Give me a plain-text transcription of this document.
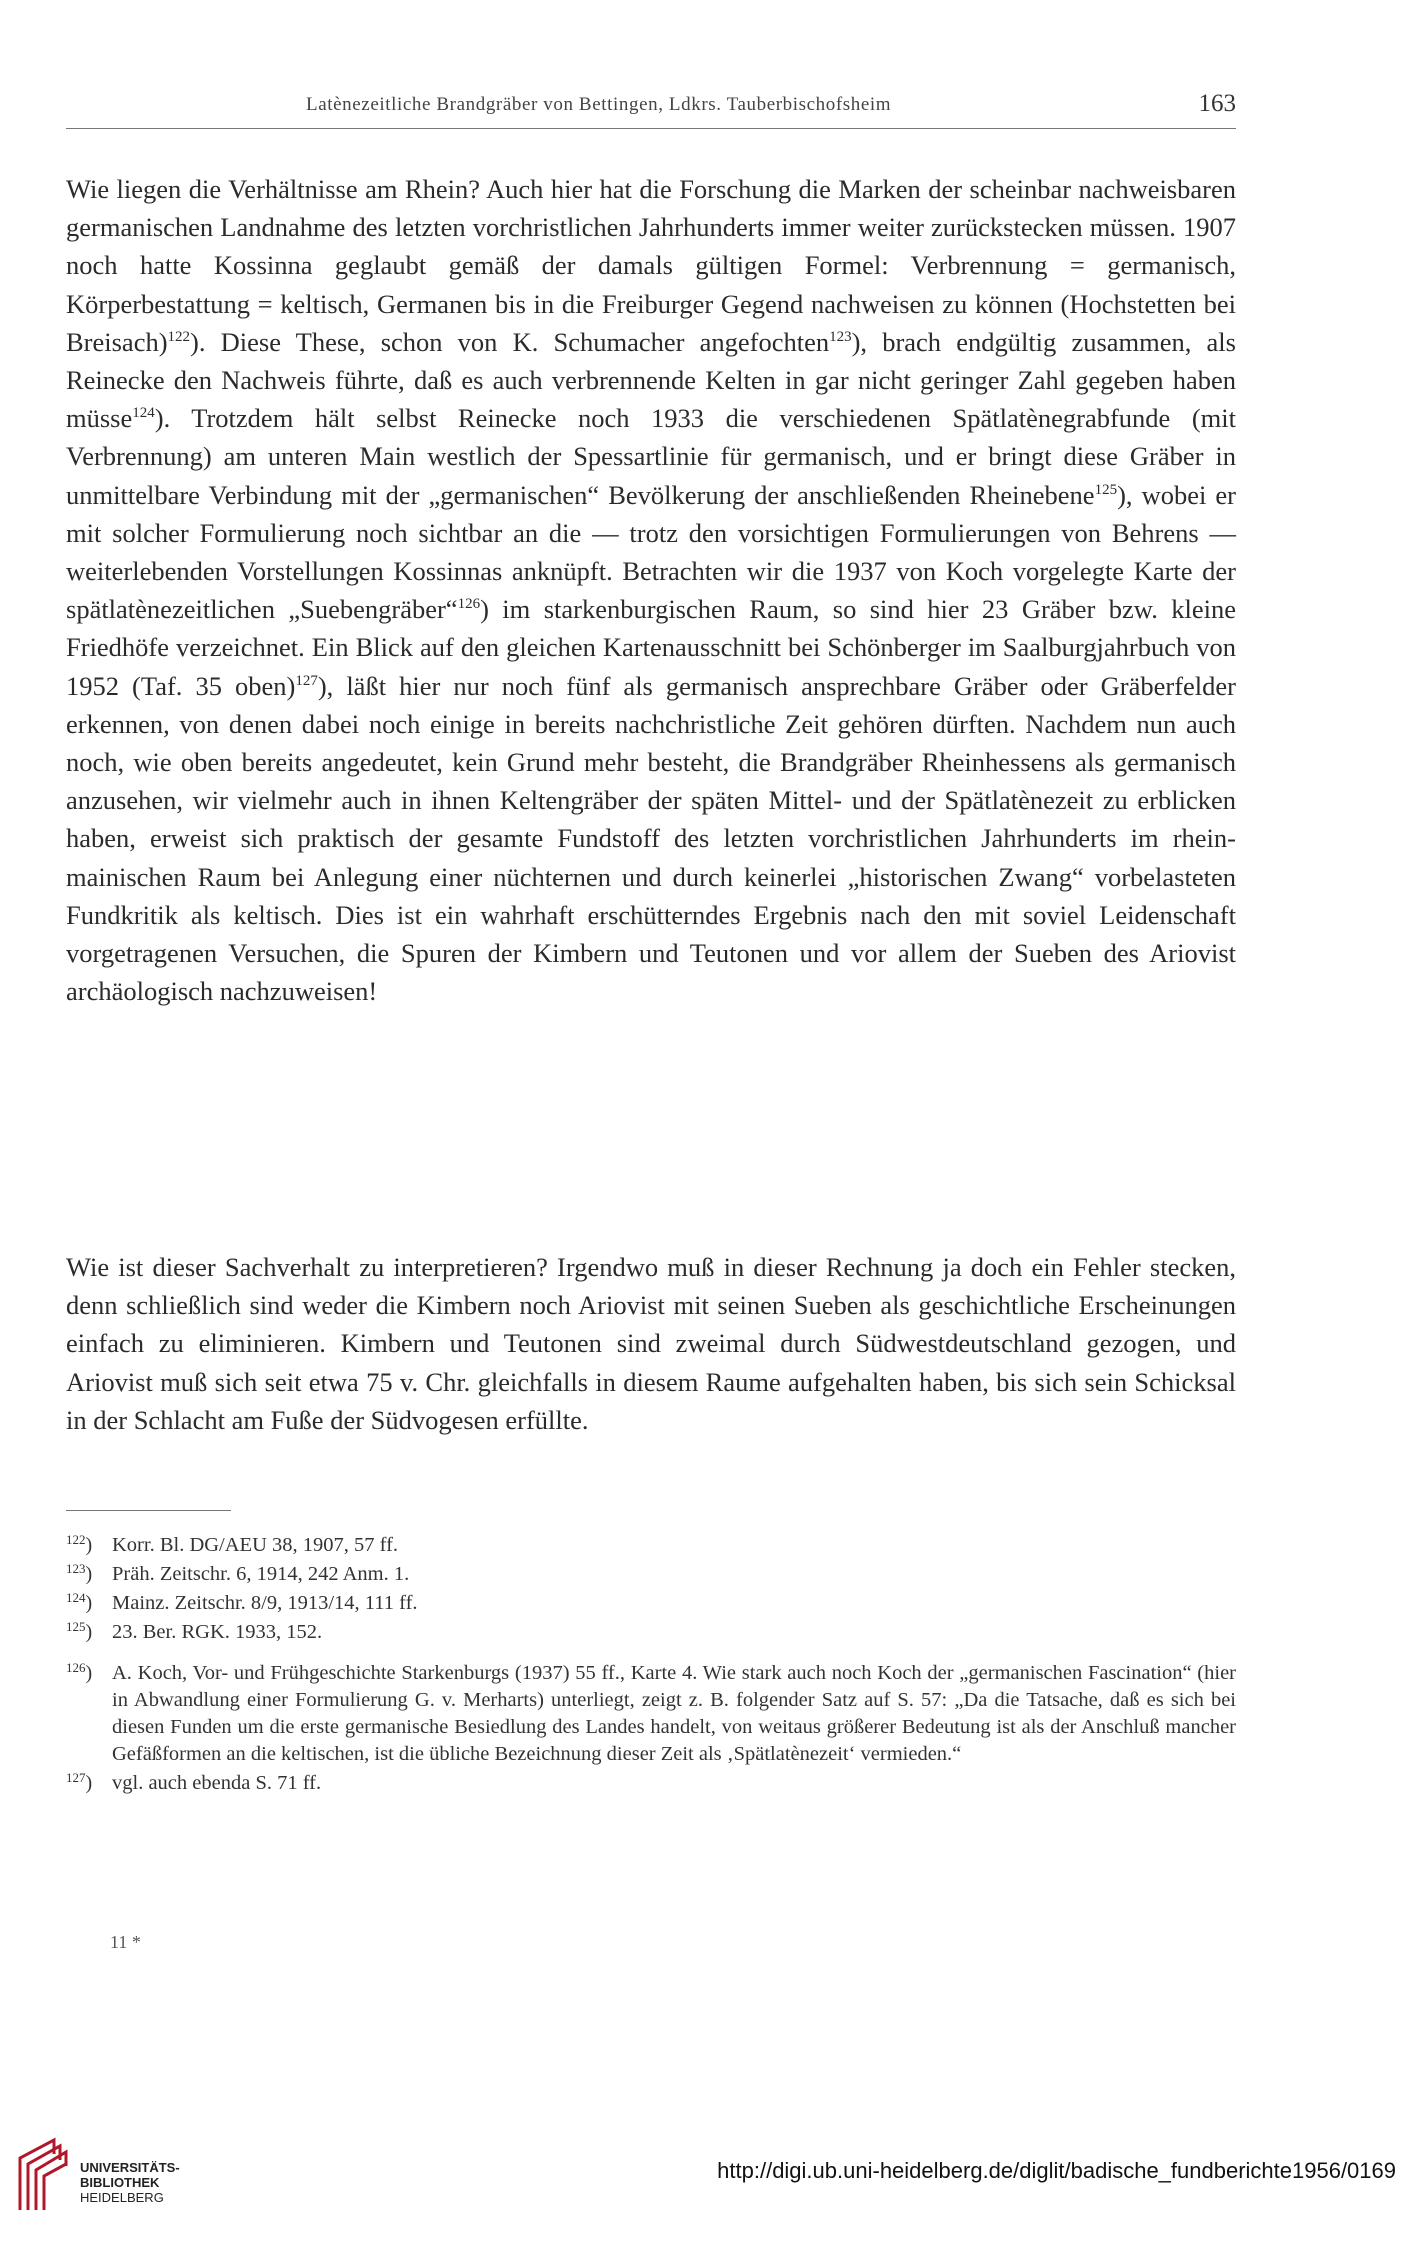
Latènezeitliche Brandgräber von Bettingen, Ldkrs. Tauberbischofsheim	163

Wie liegen die Verhältnisse am Rhein? Auch hier hat die Forschung die Marken der scheinbar nachweisbaren germanischen Landnahme des letzten vorchristlichen Jahrhunderts immer weiter zurückstecken müssen. 1907 noch hatte Kossinna geglaubt gemäß der damals gültigen Formel: Verbrennung = germanisch, Körperbestattung = keltisch, Germanen bis in die Freiburger Gegend nachweisen zu können (Hochstetten bei Breisach)$^{122}$). Diese These, schon von K. Schumacher angefochten$^{123}$), brach endgültig zusammen, als Reinecke den Nachweis führte, daß es auch verbrennende Kelten in gar nicht geringer Zahl gegeben haben müsse$^{124}$). Trotzdem hält selbst Reinecke noch 1933 die verschiedenen Spätlatènegrabfunde (mit Verbrennung) am unteren Main westlich der Spessartlinie für germanisch, und er bringt diese Gräber in unmittelbare Verbindung mit der „germanischen“ Bevölkerung der anschließenden Rheinebene$^{125}$), wobei er mit solcher Formulierung noch sichtbar an die — trotz den vorsichtigen Formulierungen von Behrens — weiterlebenden Vorstellungen Kossinnas anknüpft. Betrachten wir die 1937 von Koch vorgelegte Karte der spätlatènezeitlichen „Suebengräber“$^{126}$) im starkenburgischen Raum, so sind hier 23 Gräber bzw. kleine Friedhöfe verzeichnet. Ein Blick auf den gleichen Kartenausschnitt bei Schönberger im Saalburgjahrbuch von 1952 (Taf. 35 oben)$^{127}$), läßt hier nur noch fünf als germanisch ansprechbare Gräber oder Gräberfelder erkennen, von denen dabei noch einige in bereits nachchristliche Zeit gehören dürften. Nachdem nun auch noch, wie oben bereits angedeutet, kein Grund mehr besteht, die Brandgräber Rheinhessens als germanisch anzusehen, wir vielmehr auch in ihnen Keltengräber der späten Mittel- und der Spätlatènezeit zu erblicken haben, erweist sich praktisch der gesamte Fundstoff des letzten vorchristlichen Jahrhunderts im rhein-mainischen Raum bei Anlegung einer nüchternen und durch keinerlei „historischen Zwang“ vorbelasteten Fundkritik als keltisch. Dies ist ein wahrhaft erschütterndes Ergebnis nach den mit soviel Leidenschaft vorgetragenen Versuchen, die Spuren der Kimbern und Teutonen und vor allem der Sueben des Ariovist archäologisch nachzuweisen!

Wie ist dieser Sachverhalt zu interpretieren? Irgendwo muß in dieser Rechnung ja doch ein Fehler stecken, denn schließlich sind weder die Kimbern noch Ariovist mit seinen Sueben als geschichtliche Erscheinungen einfach zu eliminieren. Kimbern und Teutonen sind zweimal durch Südwestdeutschland gezogen, und Ariovist muß sich seit etwa 75 v. Chr. gleichfalls in diesem Raume aufgehalten haben, bis sich sein Schicksal in der Schlacht am Fuße der Südvogesen erfüllte.

$^{122}$) Korr. Bl. DG/AEU 38, 1907, 57 ff.
$^{123}$) Präh. Zeitschr. 6, 1914, 242 Anm. 1.
$^{124}$) Mainz. Zeitschr. 8/9, 1913/14, 111 ff.
$^{125}$) 23. Ber. RGK. 1933, 152.
$^{126}$) A. Koch, Vor- und Frühgeschichte Starkenburgs (1937) 55 ff., Karte 4. Wie stark auch noch Koch der „germanischen Fascination“ (hier in Abwandlung einer Formulierung G. v. Merharts) unterliegt, zeigt z. B. folgender Satz auf S. 57: „Da die Tatsache, daß es sich bei diesen Funden um die erste germanische Besiedlung des Landes handelt, von weitaus größerer Bedeutung ist als der Anschluß mancher Gefäßformen an die keltischen, ist die übliche Bezeichnung dieser Zeit als ‚Spätlatènezeit‘ vermieden.“
$^{127}$) vgl. auch ebenda S. 71 ff.
11 *
UNIVERSITÄTS-
BIBLIOTHEK
HEIDELBERG
http://digi.ub.uni-heidelberg.de/diglit/badische_fundberichte1956/0169
